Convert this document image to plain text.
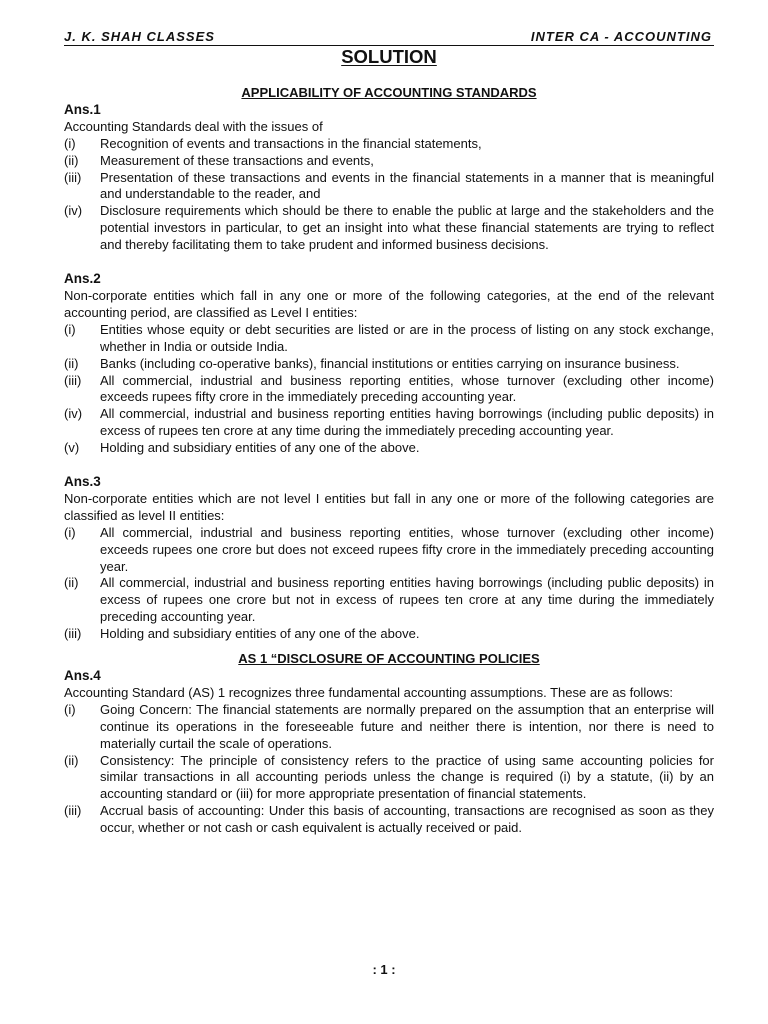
J. K. SHAH CLASSES	INTER CA - ACCOUNTING
SOLUTION

APPLICABILITY OF ACCOUNTING STANDARDS

Ans.1

Accounting Standards deal with the issues of

(i)	Recognition of events and transactions in the financial statements,
(ii)	Measurement of these transactions and events,
(iii)	Presentation of these transactions and events in the financial statements in a manner that is meaningful and understandable to the reader, and
(iv)	Disclosure requirements which should be there to enable the public at large and the stakeholders and the potential investors in particular, to get an insight into what these financial statements are trying to reflect and thereby facilitating them to take prudent and informed business decisions.

Ans.2

Non-corporate entities which fall in any one or more of the following categories, at the end of the relevant accounting period, are classified as Level I entities:

(i)	Entities whose equity or debt securities are listed or are in the process of listing on any stock exchange, whether in India or outside India.
(ii)	Banks (including co-operative banks), financial institutions or entities carrying on insurance business.
(iii)	All commercial, industrial and business reporting entities, whose turnover (excluding other income) exceeds rupees fifty crore in the immediately preceding accounting year.
(iv)	All commercial, industrial and business reporting entities having borrowings (including public deposits) in excess of rupees ten crore at any time during the immediately preceding accounting year.
(v)	Holding and subsidiary entities of any one of the above.

Ans.3

Non-corporate entities which are not level I entities but fall in any one or more of the following categories are classified as level II entities:

(i)	All commercial, industrial and business reporting entities, whose turnover (excluding other income) exceeds rupees one crore but does not exceed rupees fifty crore in the immediately preceding accounting year.
(ii)	All commercial, industrial and business reporting entities having borrowings (including public deposits) in excess of rupees one crore but not in excess of rupees ten crore at any time during the immediately preceding accounting year.
(iii)	Holding and subsidiary entities of any one of the above.

AS 1 “DISCLOSURE OF ACCOUNTING POLICIES

Ans.4

Accounting Standard (AS) 1 recognizes three fundamental accounting assumptions. These are as follows:

(i)	Going Concern: The financial statements are normally prepared on the assumption that an enterprise will continue its operations in the foreseeable future and neither there is intention, nor there is need to materially curtail the scale of operations.
(ii)	Consistency: The principle of consistency refers to the practice of using same accounting policies for similar transactions in all accounting periods unless the change is required (i) by a statute, (ii) by an accounting standard or (iii) for more appropriate presentation of financial statements.
(iii)	Accrual basis of accounting: Under this basis of accounting, transactions are recognised as soon as they occur, whether or not cash or cash equivalent is actually received or paid.
: 1 :
